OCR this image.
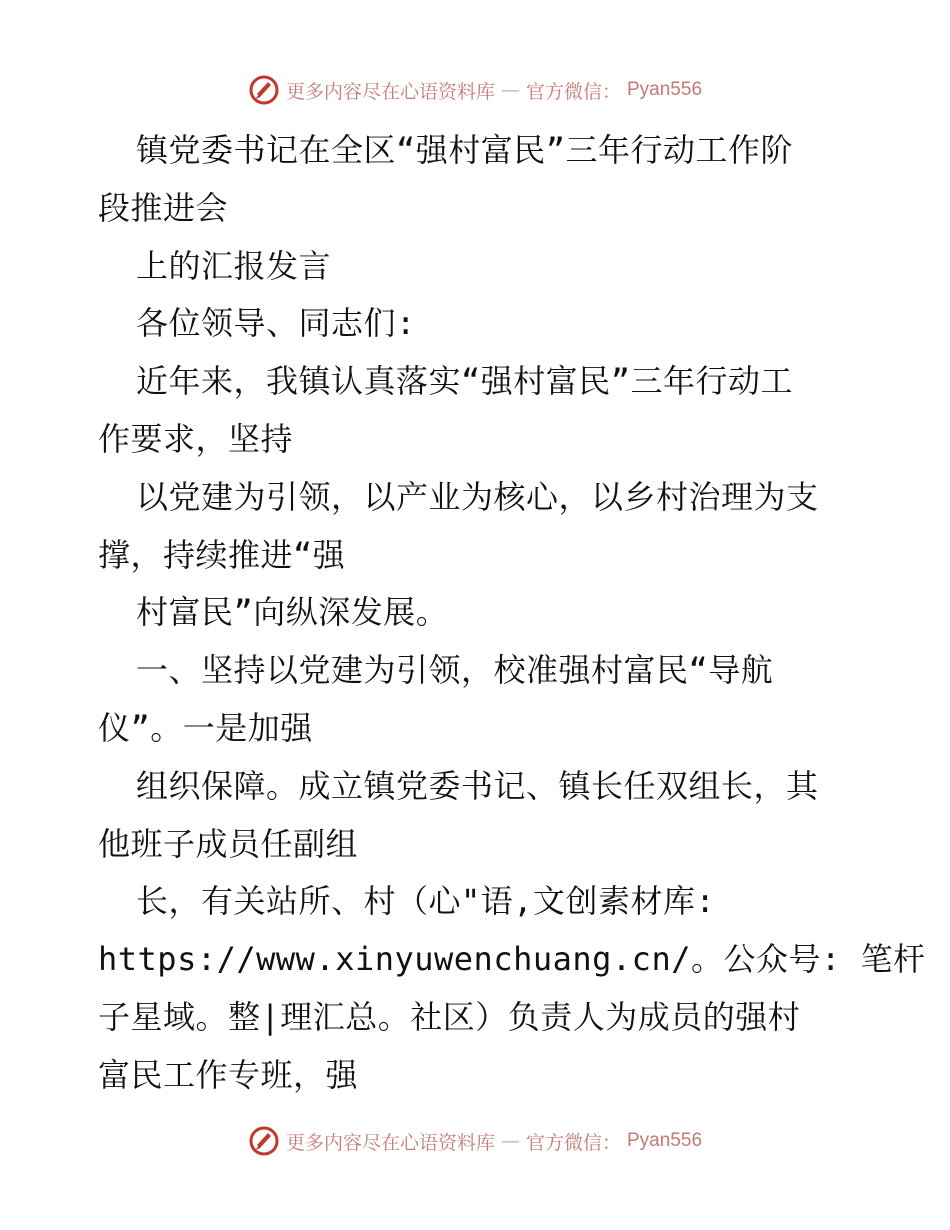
更多内容尽在心语资料库 — 官方微信： Pyan556
镇党委书记在全区“强村富民”三年行动工作阶
段推进会
上的汇报发言
各位领导、同志们:
近年来，我镇认真落实“强村富民”三年行动工
作要求，坚持
以党建为引领，以产业为核心，以乡村治理为支
撑，持续推进“强
村富民”向纵深发展。
一、坚持以党建为引领，校准强村富民“导航
仪”。一是加强
组织保障。成立镇党委书记、镇长任双组长，其
他班子成员任副组
长，有关站所、村（心"语,文创素材库:
https://www.xinyuwenchuang.cn/。公众号: 笔杆
子星域。整|理汇总。社区）负责人为成员的强村
富民工作专班，强
更多内容尽在心语资料库 — 官方微信： Pyan556
